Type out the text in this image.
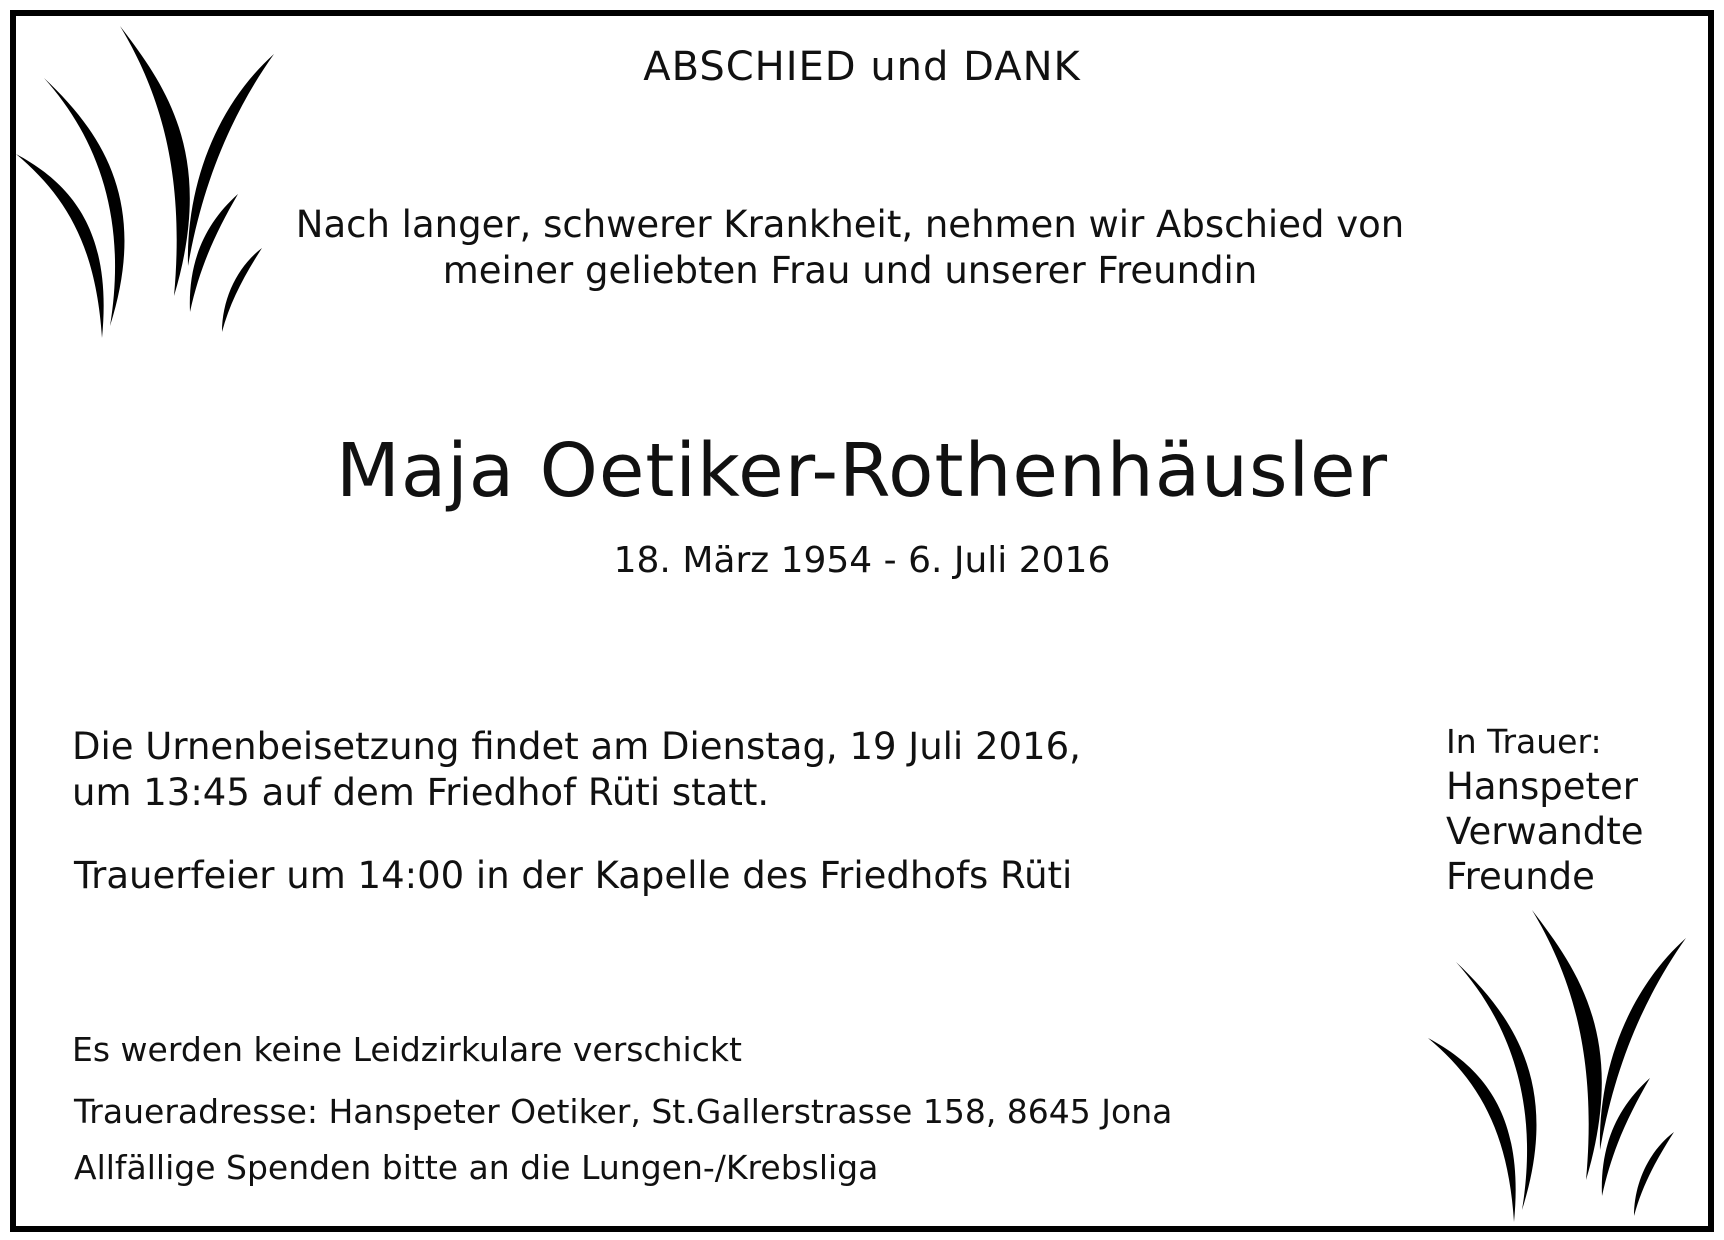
ABSCHIED und DANK
Nach langer, schwerer Krankheit, nehmen wir Abschied von
meiner geliebten Frau und unserer Freundin
Maja Oetiker-Rothenhäusler
18. März 1954 - 6. Juli 2016
Die Urnenbeisetzung findet am Dienstag, 19 Juli 2016,
um 13:45 auf dem Friedhof Rüti statt.
Trauerfeier um 14:00 in der Kapelle des Friedhofs Rüti
In Trauer:
Hanspeter
Verwandte
Freunde
Es werden keine Leidzirkulare verschickt
Traueradresse: Hanspeter Oetiker, St.Gallerstrasse 158, 8645 Jona
Allfällige Spenden bitte an die Lungen-/Krebsliga
